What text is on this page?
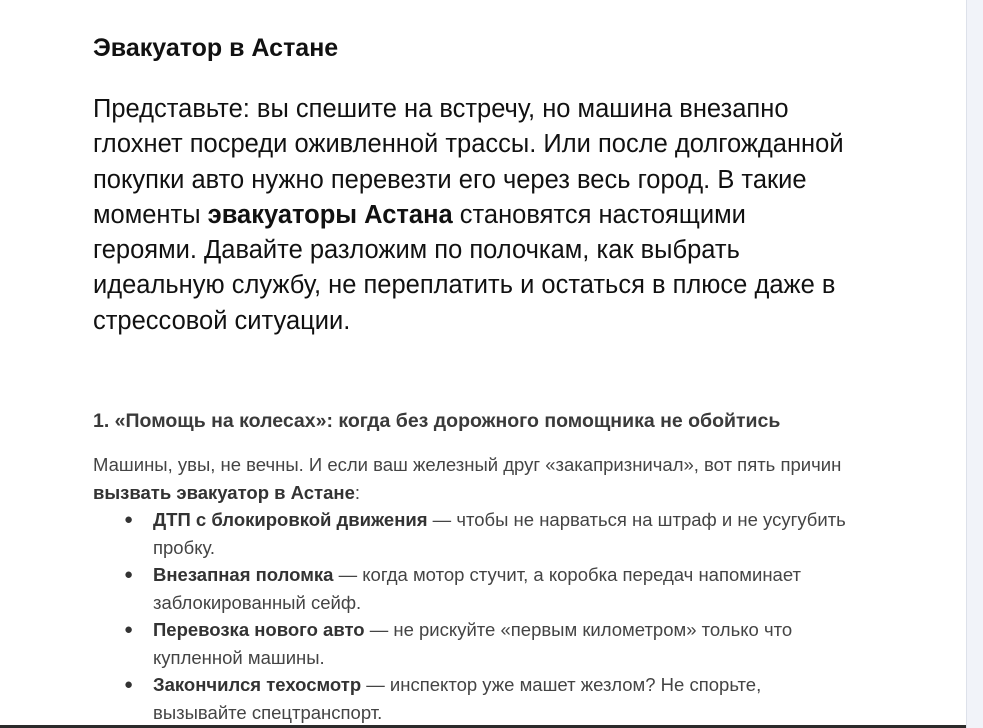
Эвакуатор в Астане

Представьте: вы спешите на встречу, но машина внезапно глохнет посреди оживленной трассы. Или после долгожданной покупки авто нужно перевезти его через весь город. В такие моменты эвакуаторы Астана становятся настоящими героями. Давайте разложим по полочкам, как выбрать идеальную службу, не переплатить и остаться в плюсе даже в стрессовой ситуации.

1. «Помощь на колесах»: когда без дорожного помощника не обойтись

Машины, увы, не вечны. И если ваш железный друг «закапризничал», вот пять причин вызвать эвакуатор в Астане:

● ДТП с блокировкой движения — чтобы не нарваться на штраф и не усугубить пробку.
● Внезапная поломка — когда мотор стучит, а коробка передач напоминает заблокированный сейф.
● Перевозка нового авто — не рискуйте «первым километром» только что купленной машины.
● Закончился техосмотр — инспектор уже машет жезлом? Не спорьте, вызывайте спецтранспорт.
